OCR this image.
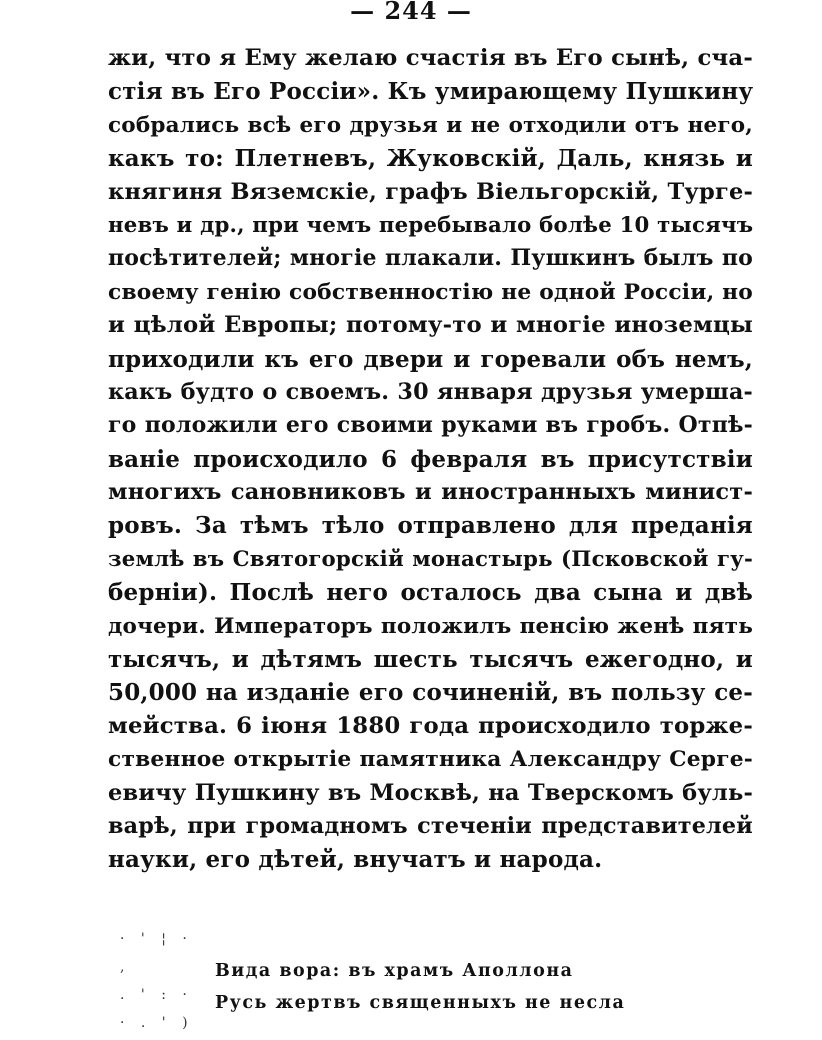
— 244 —
жи, что я Ему желаю счастія въ Его сынѣ, сча-
стія въ Его Россіи». Къ умирающему Пушкину
собрались всѣ его друзья и не отходили отъ него,
какъ то: Плетневъ, Жуковскій, Даль, князь и
княгиня Вяземскіе, графъ Віельгорскій, Турге-
невъ и др., при чемъ перебывало болѣе 10 тысячъ
посѣтителей; многіе плакали. Пушкинъ былъ по
своему генію собственностію не одной Россіи, но
и цѣлой Европы; потому-то и многіе иноземцы
приходили къ его двери и горевали объ немъ,
какъ будто о своемъ. 30 января друзья умершa-
го положили его своими руками въ гробъ. Отпѣ-
ваніе происходило 6 февраля въ присутствіи
многихъ сановниковъ и иностранныхъ минист-
ровъ. За тѣмъ тѣло отправлено для преданія
землѣ въ Святогорскій монастырь (Псковской гу-
берніи). Послѣ него осталось два сына и двѣ
дочери. Императоръ положилъ пенсію женѣ пять
тысячъ, и дѣтямъ шесть тысячъ ежегодно, и
50,000 на изданіе его сочиненій, въ пользу се-
мейства. 6 іюня 1880 года происходило торже-
ственное открытіе памятника Александру Серге-
евичу Пушкину въ Москвѣ, на Тверскомъ буль-
варѣ, при громадномъ стеченіи представителей
науки, его дѣтей, внучатъ и народа.
· ' ¦ · ,
. ' : ·
· . ' )
Вида вора: въ храмъ Аполлона
Русь жертвъ священныхъ не несла
